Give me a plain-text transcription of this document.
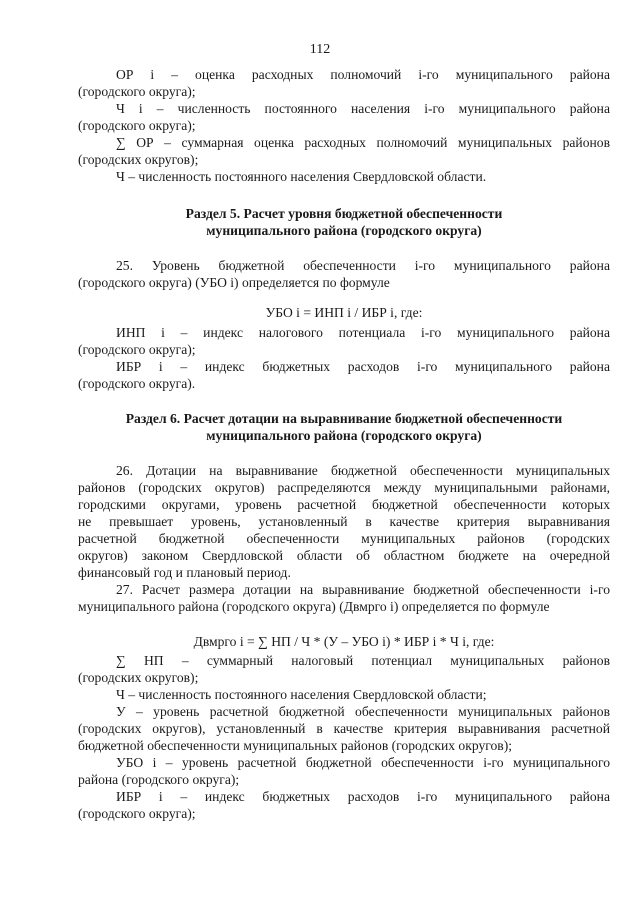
112

ОР i – оценка расходных полномочий i-го муниципального района

(городского округа);

Ч i – численность постоянного населения i-го муниципального района

(городского округа);

∑ ОР – суммарная оценка расходных полномочий муниципальных районов

(городских округов);

Ч – численность постоянного населения Свердловской области.

Раздел 5. Расчет уровня бюджетной обеспеченности

муниципального района (городского округа)

25. Уровень бюджетной обеспеченности i-го муниципального района

(городского округа) (УБО i) определяется по формуле

УБО i = ИНП i / ИБР i, где:

ИНП i – индекс налогового потенциала i-го муниципального района

(городского округа);

ИБР i – индекс бюджетных расходов i-го муниципального района

(городского округа).

Раздел 6. Расчет дотации на выравнивание бюджетной обеспеченности

муниципального района (городского округа)

26. Дотации на выравнивание бюджетной обеспеченности муниципальных

районов (городских округов) распределяются между муниципальными районами,

городскими округами, уровень расчетной бюджетной обеспеченности которых

не превышает уровень, установленный в качестве критерия выравнивания

расчетной бюджетной обеспеченности муниципальных районов (городских

округов) законом Свердловской области об областном бюджете на очередной

финансовый год и плановый период.

27. Расчет размера дотации на выравнивание бюджетной обеспеченности i-го

муниципального района (городского округа) (Двмрго i) определяется по формуле

Двмрго i = ∑ НП / Ч * (У – УБО i) * ИБР i * Ч i, где:

∑ НП – суммарный налоговый потенциал муниципальных районов

(городских округов);

Ч – численность постоянного населения Свердловской области;

У – уровень расчетной бюджетной обеспеченности муниципальных районов

(городских округов), установленный в качестве критерия выравнивания расчетной

бюджетной обеспеченности муниципальных районов (городских округов);

УБО i – уровень расчетной бюджетной обеспеченности i-го муниципального

района (городского округа);

ИБР i – индекс бюджетных расходов i-го муниципального района

(городского округа);
